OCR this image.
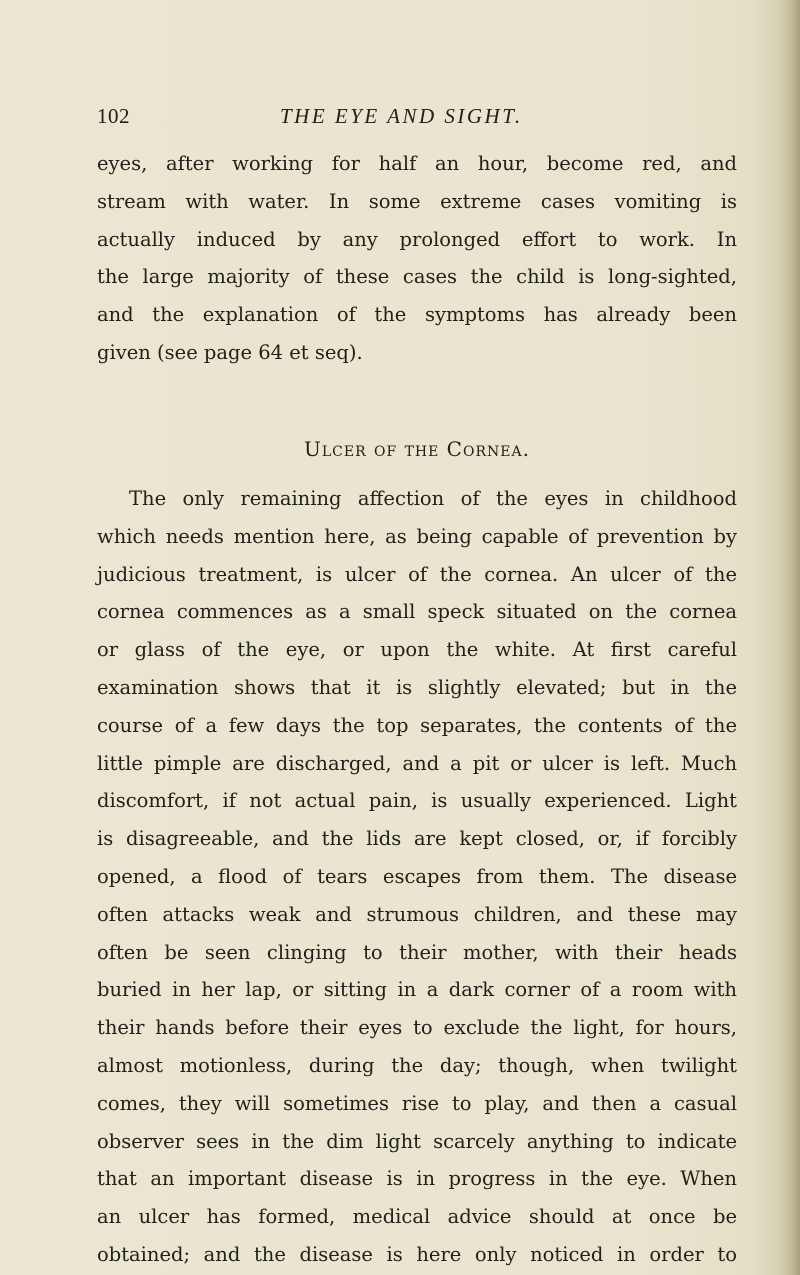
102	THE EYE AND SIGHT.
eyes, after working for half an hour, become red, and
stream with water. In some extreme cases vomiting is
actually induced by any prolonged effort to work. In
the large majority of these cases the child is long-sighted,
and the explanation of the symptoms has already been
given (see page 64 et seq).
Ulcer of the Cornea.
The only remaining affection of the eyes in childhood
which needs mention here, as being capable of prevention by
judicious treatment, is ulcer of the cornea. An ulcer of the
cornea commences as a small speck situated on the cornea
or glass of the eye, or upon the white. At first careful
examination shows that it is slightly elevated; but in the
course of a few days the top separates, the contents of the
little pimple are discharged, and a pit or ulcer is left. Much
discomfort, if not actual pain, is usually experienced. Light
is disagreeable, and the lids are kept closed, or, if forcibly
opened, a flood of tears escapes from them. The disease
often attacks weak and strumous children, and these may
often be seen clinging to their mother, with their heads
buried in her lap, or sitting in a dark corner of a room with
their hands before their eyes to exclude the light, for hours,
almost motionless, during the day; though, when twilight
comes, they will sometimes rise to play, and then a casual
observer sees in the dim light scarcely anything to indicate
that an important disease is in progress in the eye. When
an ulcer has formed, medical advice should at once be
obtained; and the disease is here only noticed in order to
